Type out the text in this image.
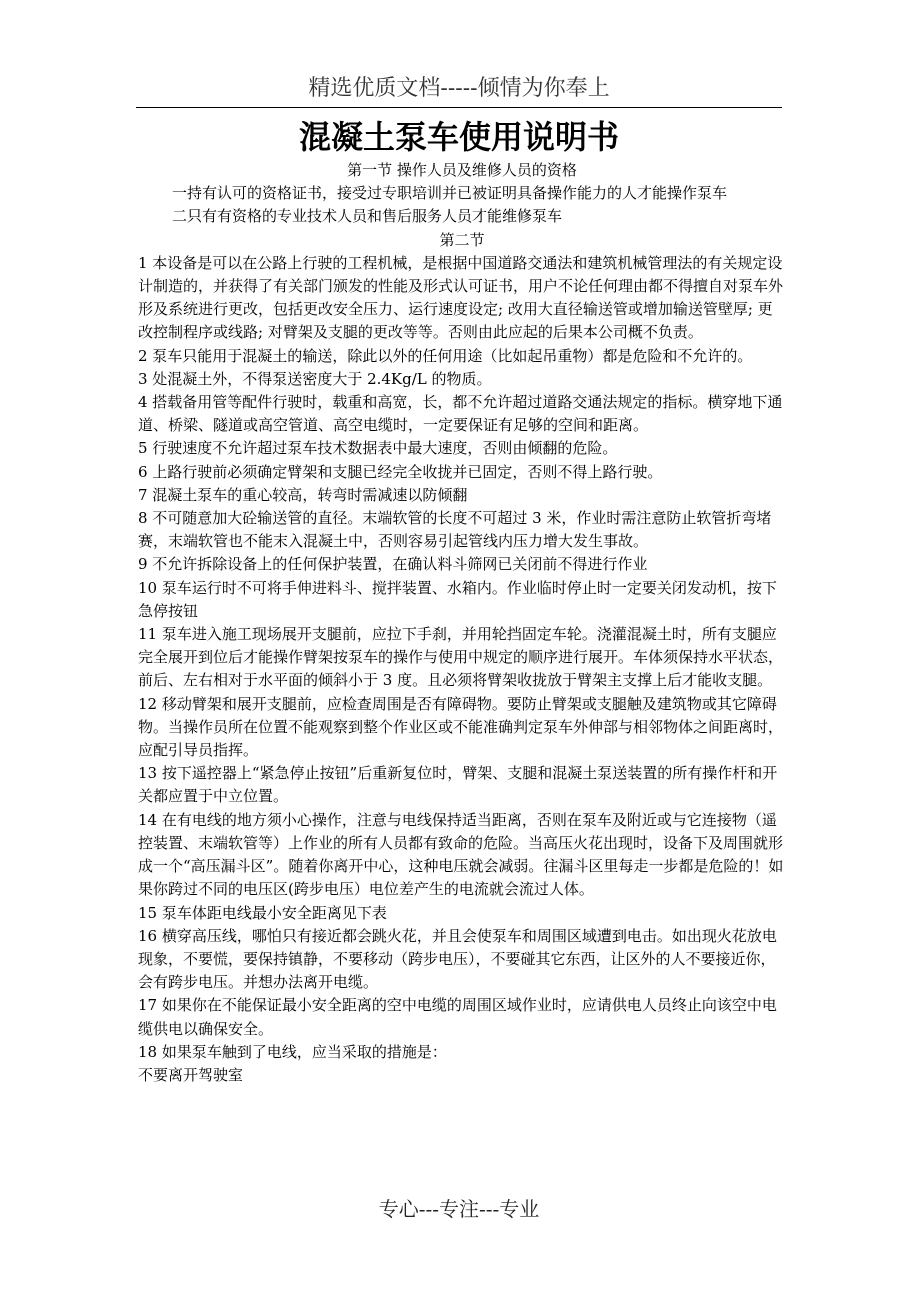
精选优质文档-----倾情为你奉上
混凝土泵车使用说明书

第一节 操作人员及维修人员的资格

一持有认可的资格证书，接受过专职培训并已被证明具备操作能力的人才能操作泵车

二只有有资格的专业技术人员和售后服务人员才能维修泵车

第二节

1 本设备是可以在公路上行驶的工程机械，是根据中国道路交通法和建筑机械管理法的有关规定设计制造的，并获得了有关部门颁发的性能及形式认可证书，用户不论任何理由都不得擅自对泵车外形及系统进行更改，包括更改安全压力、运行速度设定; 改用大直径输送管或增加输送管壁厚; 更改控制程序或线路; 对臂架及支腿的更改等等。否则由此应起的后果本公司概不负责。

2 泵车只能用于混凝土的输送，除此以外的任何用途（比如起吊重物）都是危险和不允许的。

3 处混凝土外，不得泵送密度大于 2.4Kg/L 的物质。

4 搭载备用管等配件行驶时，载重和高宽，长，都不允许超过道路交通法规定的指标。横穿地下通道、桥梁、隧道或高空管道、高空电缆时，一定要保证有足够的空间和距离。

5 行驶速度不允许超过泵车技术数据表中最大速度，否则由倾翻的危险。

6 上路行驶前必须确定臂架和支腿已经完全收拢并已固定，否则不得上路行驶。

7 混凝土泵车的重心较高，转弯时需减速以防倾翻

8 不可随意加大砼输送管的直径。末端软管的长度不可超过 3 米，作业时需注意防止软管折弯堵赛，末端软管也不能末入混凝土中，否则容易引起管线内压力增大发生事故。

9 不允许拆除设备上的任何保护装置，在确认料斗筛网已关闭前不得进行作业

10 泵车运行时不可将手伸进料斗、搅拌装置、水箱内。作业临时停止时一定要关闭发动机，按下急停按钮

11 泵车进入施工现场展开支腿前，应拉下手刹，并用轮挡固定车轮。浇灌混凝土时，所有支腿应完全展开到位后才能操作臂架按泵车的操作与使用中规定的顺序进行展开。车体须保持水平状态，前后、左右相对于水平面的倾斜小于 3 度。且必须将臂架收拢放于臂架主支撑上后才能收支腿。

12 移动臂架和展开支腿前，应检查周围是否有障碍物。要防止臂架或支腿触及建筑物或其它障碍物。当操作员所在位置不能观察到整个作业区或不能准确判定泵车外伸部与相邻物体之间距离时，应配引导员指挥。

13 按下遥控器上“紧急停止按钮”后重新复位时，臂架、支腿和混凝土泵送装置的所有操作杆和开关都应置于中立位置。

14 在有电线的地方须小心操作，注意与电线保持适当距离，否则在泵车及附近或与它连接物（遥控装置、末端软管等）上作业的所有人员都有致命的危险。当高压火花出现时，设备下及周围就形成一个“高压漏斗区”。随着你离开中心，这种电压就会减弱。往漏斗区里每走一步都是危险的！如果你跨过不同的电压区(跨步电压）电位差产生的电流就会流过人体。

15 泵车体距电线最小安全距离见下表

16 横穿高压线，哪怕只有接近都会跳火花，并且会使泵车和周围区域遭到电击。如出现火花放电现象，不要慌，要保持镇静，不要移动（跨步电压），不要碰其它东西，让区外的人不要接近你，会有跨步电压。并想办法离开电缆。

17 如果你在不能保证最小安全距离的空中电缆的周围区域作业时，应请供电人员终止向该空中电缆供电以确保安全。

18 如果泵车触到了电线，应当采取的措施是：

不要离开驾驶室

专心---专注---专业
